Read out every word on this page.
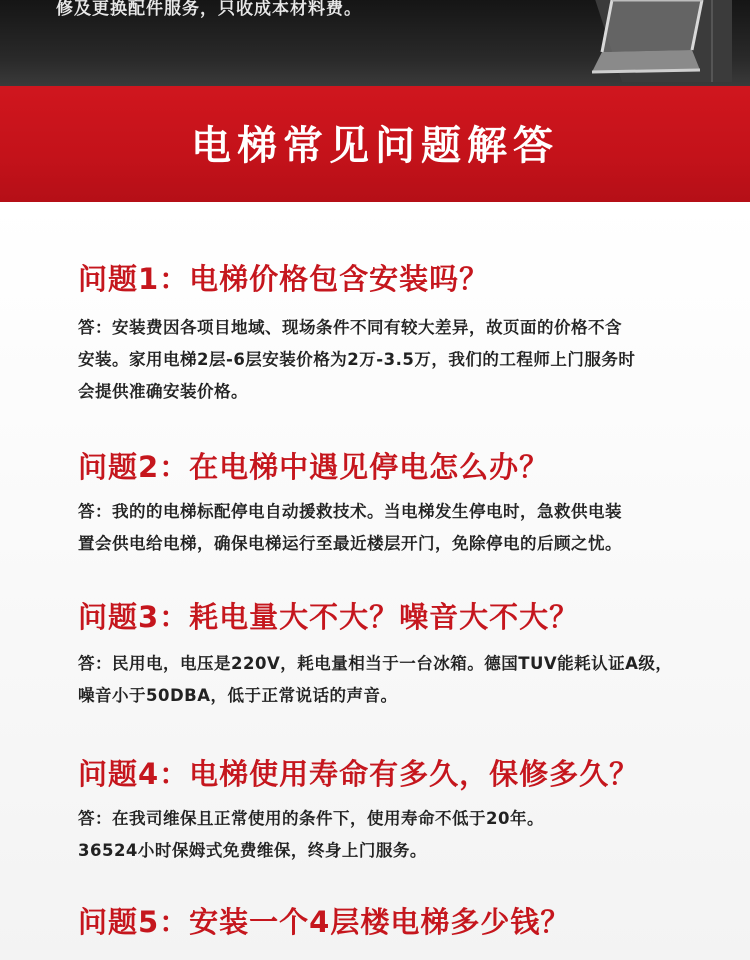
修及更换配件服务，只收成本材料费。
电梯常见问题解答
问题1：电梯价格包含安装吗？

答：安装费因各项目地域、现场条件不同有较大差异，故页面的价格不含

安装。家用电梯2层-6层安装价格为2万-3.5万，我们的工程师上门服务时

会提供准确安装价格。

问题2：在电梯中遇见停电怎么办？

答：我的的电梯标配停电自动援救技术。当电梯发生停电时，急救供电装

置会供电给电梯，确保电梯运行至最近楼层开门，免除停电的后顾之忧。

问题3：耗电量大不大？噪音大不大？

答：民用电，电压是220V，耗电量相当于一台冰箱。德国TUV能耗认证A级，

噪音小于50DBA，低于正常说话的声音。

问题4：电梯使用寿命有多久，保修多久？

答：在我司维保且正常使用的条件下，使用寿命不低于20年。

36524小时保姆式免费维保，终身上门服务。

问题5：安装一个4层楼电梯多少钱？
